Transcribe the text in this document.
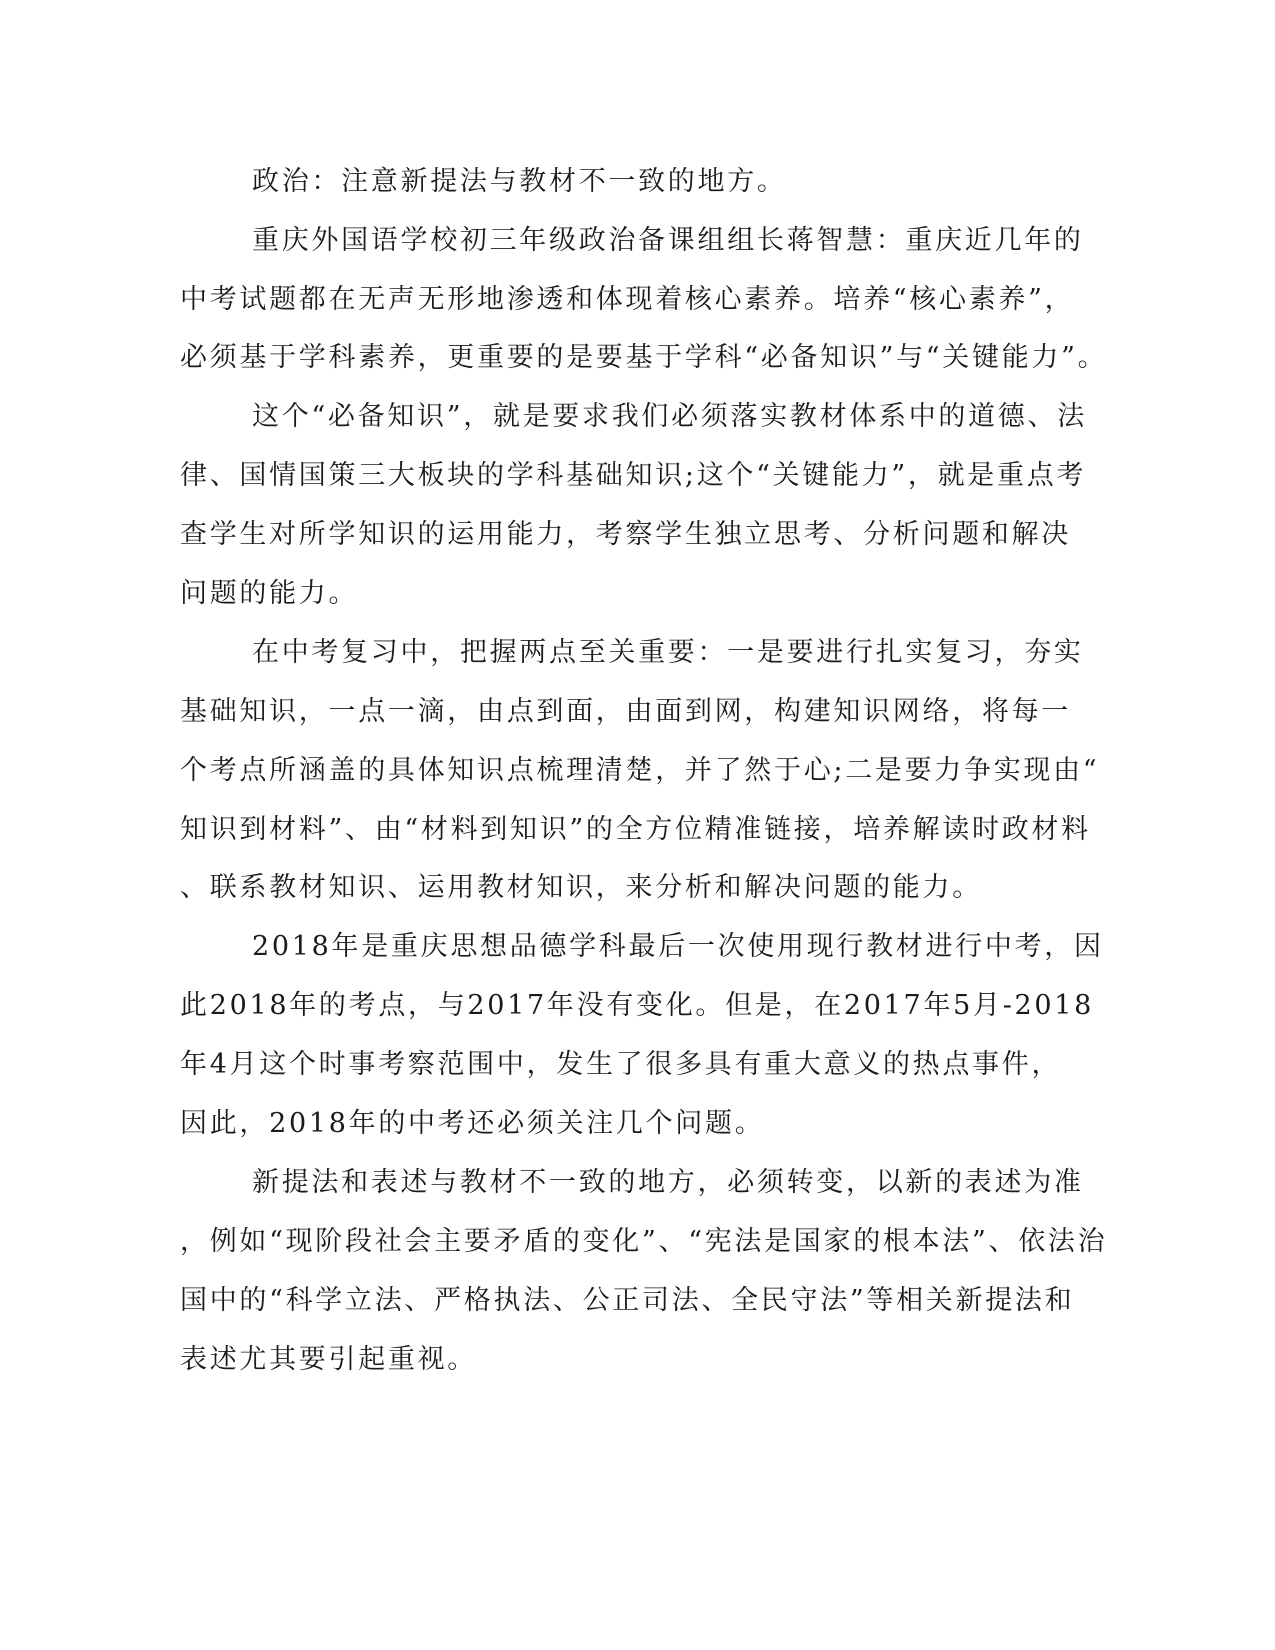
政治：注意新提法与教材不一致的地方。

重庆外国语学校初三年级政治备课组组长蒋智慧：重庆近几年的

中考试题都在无声无形地渗透和体现着核心素养。培养“核心素养”，

必须基于学科素养，更重要的是要基于学科“必备知识”与“关键能力”。

这个“必备知识”，就是要求我们必须落实教材体系中的道德、法

律、国情国策三大板块的学科基础知识;这个“关键能力”，就是重点考

查学生对所学知识的运用能力，考察学生独立思考、分析问题和解决

问题的能力。

在中考复习中，把握两点至关重要：一是要进行扎实复习，夯实

基础知识，一点一滴，由点到面，由面到网，构建知识网络，将每一

个考点所涵盖的具体知识点梳理清楚，并了然于心;二是要力争实现由“

知识到材料”、由“材料到知识”的全方位精准链接，培养解读时政材料

、联系教材知识、运用教材知识，来分析和解决问题的能力。

2018年是重庆思想品德学科最后一次使用现行教材进行中考，因

此2018年的考点，与2017年没有变化。但是，在2017年5月-2018

年4月这个时事考察范围中，发生了很多具有重大意义的热点事件，

因此，2018年的中考还必须关注几个问题。

新提法和表述与教材不一致的地方，必须转变，以新的表述为准

，例如“现阶段社会主要矛盾的变化”、“宪法是国家的根本法”、依法治

国中的“科学立法、严格执法、公正司法、全民守法”等相关新提法和

表述尤其要引起重视。
